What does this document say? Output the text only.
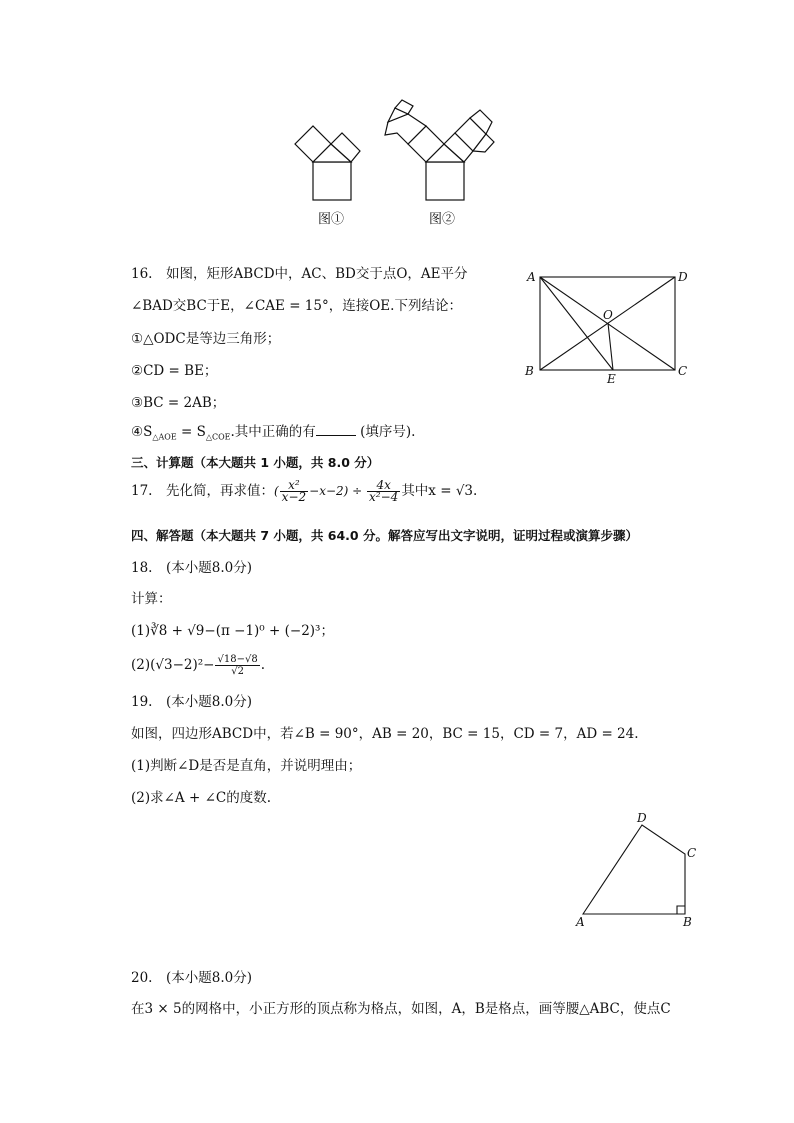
图①	图②
16.　如图，矩形ABCD中，AC、BD交于点O，AE平分
∠BAD交BC于E，∠CAE = 15°，连接OE.下列结论：
①△ODC是等边三角形；
②CD = BE；
③BC = 2AB；
$④S_{\triangle AOE} = S_{\triangle COE}$.其中正确的有	(填序号).
A	D
O
B
E
C
三、计算题（本大题共 1 小题，共 8.0 分）
17.　先化简，再求值：( $\frac{\text{x²}}{x-2} -x-2) \div \frac{4x}{\text{x²−4}}$ 其中x = √3.
四、解答题（本大题共 7 小题，共 64.0 分。解答应写出文字说明，证明过程或演算步骤）
18.　(本小题8.0分)
计算：
(1)∛8 + √9−(π −1)⁰ + (−2)³；
$(2)(√3-2)^2- \frac{√18-√8}{√2}$ .
19.　(本小题8.0分)
如图，四边形ABCD中，若∠B = 90°，AB = 20，BC = 15，CD = 7，AD = 24.
(1)判断∠D是否是直角，并说明理由；
(2)求∠A + ∠C的度数.
D
C
A	B
20.　(本小题8.0分)
在3 × 5的网格中，小正方形的顶点称为格点，如图，A，B是格点，画等腰△ABC，使点C
